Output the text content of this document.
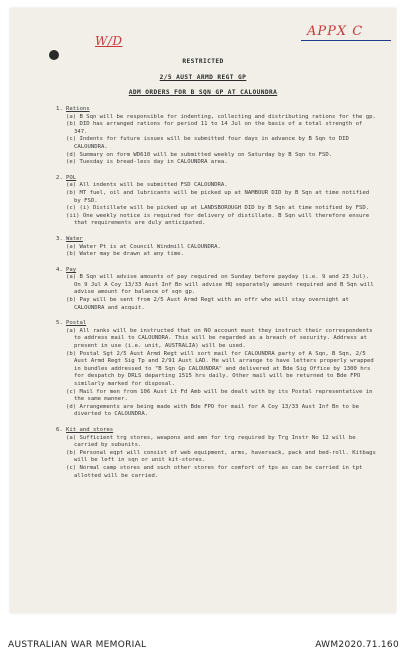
W/D
APPX C
RESTRICTED
2/5 AUST ARMD REGT GP
ADM ORDERS FOR B SQN GP AT CALOUNDRA
1. Rations
(a) B Sqn will be responsible for indenting, collecting and distributing rations for the gp.
(b) DID has arranged rations for period 11 to 14 Jul on the basis of a total strength of 347.
(c) Indents for future issues will be submitted four days in advance by B Sqn to DID CALOUNDRA.
(d) Summary on form WD610 will be submitted weekly on Saturday by B Sqn to FSD.
(e) Tuesday is bread-less day in CALOUNDRA area.
2. POL
(a) All indents will be submitted FSD CALOUNDRA.
(b) MT fuel, oil and lubricants will be picked up at NAMBOUR DID by B Sqn at time notified by FSD.
(c) (i) Distillate will be picked up at LANDSBOROUGH DID by B Sqn at time notified by FSD.
(ii) One weekly notice is required for delivery of distillate. B Sqn will therefore ensure that requirements are duly anticipated.
3. Water
(a) Water Pt is at Council Windmill CALOUNDRA.
(b) Water may be drawn at any time.
4. Pay
(a) B Sqn will advise amounts of pay required on Sunday before payday (i.e. 9 and 23 Jul). On 9 Jul A Coy 13/33 Aust Inf Bn will advise HQ separately amount required and B Sqn will advise amount for balance of sqn gp.
(b) Pay will be sent from 2/5 Aust Armd Regt with an offr who will stay overnight at CALOUNDRA and acquit.
5. Postal
(a) All ranks will be instructed that on NO account must they instruct their correspondents to address mail to CALOUNDRA. This will be regarded as a breach of security. Address at present in use (i.e. unit, AUSTRALIA) will be used.
(b) Postal Sgt 2/5 Aust Armd Regt will sort mail for CALOUNDRA party of A Sqn, B Sqn, 2/5 Aust Armd Regt Sig Tp and 2/91 Aust LAD. He will arrange to have letters properly wrapped in bundles addressed to "B Sqn Gp CALOUNDRA" and delivered at Bde Sig Office by 1300 hrs for despatch by DRLS departing 1515 hrs daily. Other mail will be returned to Bde FPO similarly marked for disposal.
(c) Mail for men from 106 Aust Lt Fd Amb will be dealt with by its Postal representative in the same manner.
(d) Arrangements are being made with Bde FPO for mail for A Coy 13/33 Aust Inf Bn to be diverted to CALOUNDRA.
6. Kit and stores
(a) Sufficient trg stores, weapons and amn for trg required by Trg Instr No 12 will be carried by subunits.
(b) Personal eqpt will consist of web equipment, arms, haversack, pack and bed-roll. Kitbags will be left in sqn or unit kit-stores.
(c) Normal camp stores and such other stores for comfort of tps as can be carried in tpt allotted will be carried.
AUSTRALIAN WAR MEMORIAL	AWM2020.71.160
